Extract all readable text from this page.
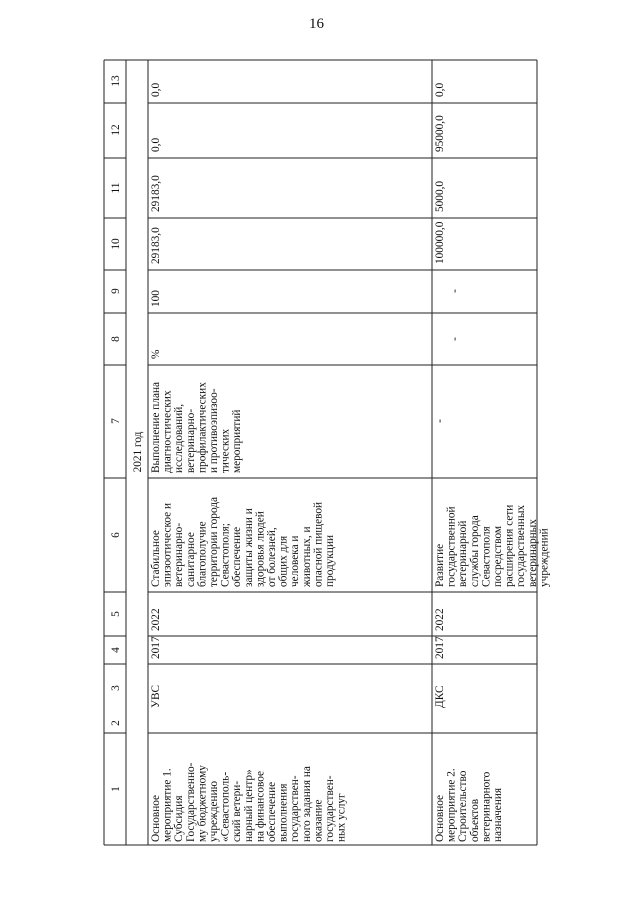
16
1
2
3
4
5
6
7
8
9
10
11
12
13
2021 год
Основное мероприятие 1. Субсидия Государственно- му бюджетному учреждению «Севастополь- ский ветери- нарный центр» на финансовое обеспечение выполнения государствен- ного задания на оказание государствен- ных услуг
УВС
2017
2022
Стабильное эпизоотическое и ветеринарно- санитарное благополучие территории города Севастополя; обеспечение защиты жизни и здоровья людей от болезней, общих для человека и животных, и опасной пищевой продукции
Выполнение плана диагностических исследований, ветеринарно- профилактических и противоэпизоо- тических мероприятий
%
100
29183,0
29183,0
0,0
0,0
Основное мероприятие 2. Строительство объектов ветеринарного назначения
ДКС
2017
2022
Развитие государственной ветеринарной службы города Севастополя посредством расширения сети государственных ветеринарных учреждений
-
-
-
100000,0
5000,0
95000,0
0,0
